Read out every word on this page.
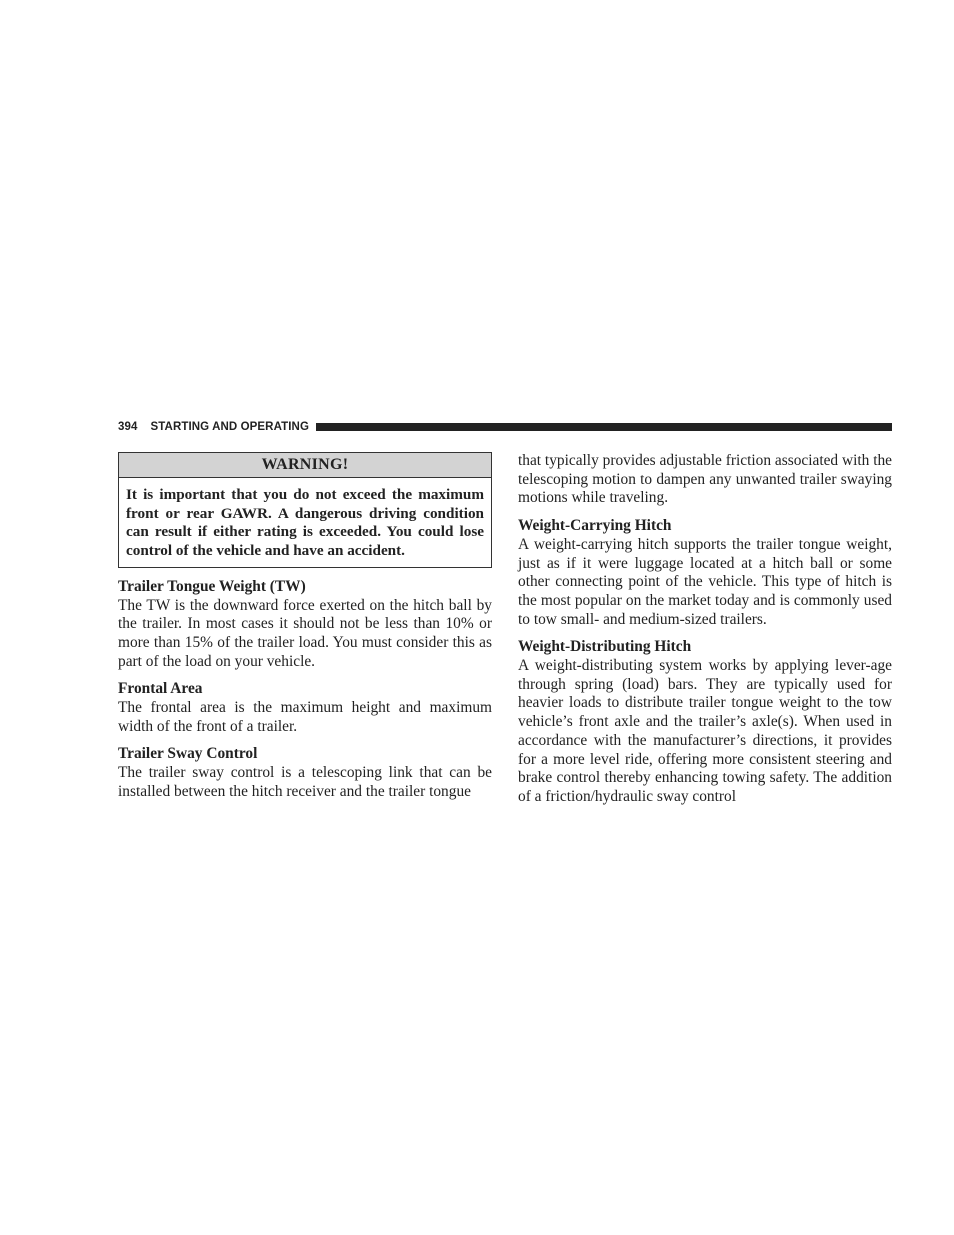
394 STARTING AND OPERATING
WARNING!
It is important that you do not exceed the maximum front or rear GAWR. A dangerous driving condition can result if either rating is exceeded. You could lose control of the vehicle and have an accident.
Trailer Tongue Weight (TW)

The TW is the downward force exerted on the hitch ball by the trailer. In most cases it should not be less than 10% or more than 15% of the trailer load. You must consider this as part of the load on your vehicle.

Frontal Area

The frontal area is the maximum height and maximum width of the front of a trailer.

Trailer Sway Control

The trailer sway control is a telescoping link that can be installed between the hitch receiver and the trailer tongue

that typically provides adjustable friction associated with the telescoping motion to dampen any unwanted trailer swaying motions while traveling.

Weight-Carrying Hitch

A weight-carrying hitch supports the trailer tongue weight, just as if it were luggage located at a hitch ball or some other connecting point of the vehicle. This type of hitch is the most popular on the market today and is commonly used to tow small- and medium-sized trailers.

Weight-Distributing Hitch

A weight-distributing system works by applying lever-age through spring (load) bars. They are typically used for heavier loads to distribute trailer tongue weight to the tow vehicle’s front axle and the trailer’s axle(s). When used in accordance with the manufacturer’s directions, it provides for a more level ride, offering more consistent steering and brake control thereby enhancing towing safety. The addition of a friction/hydraulic sway control
